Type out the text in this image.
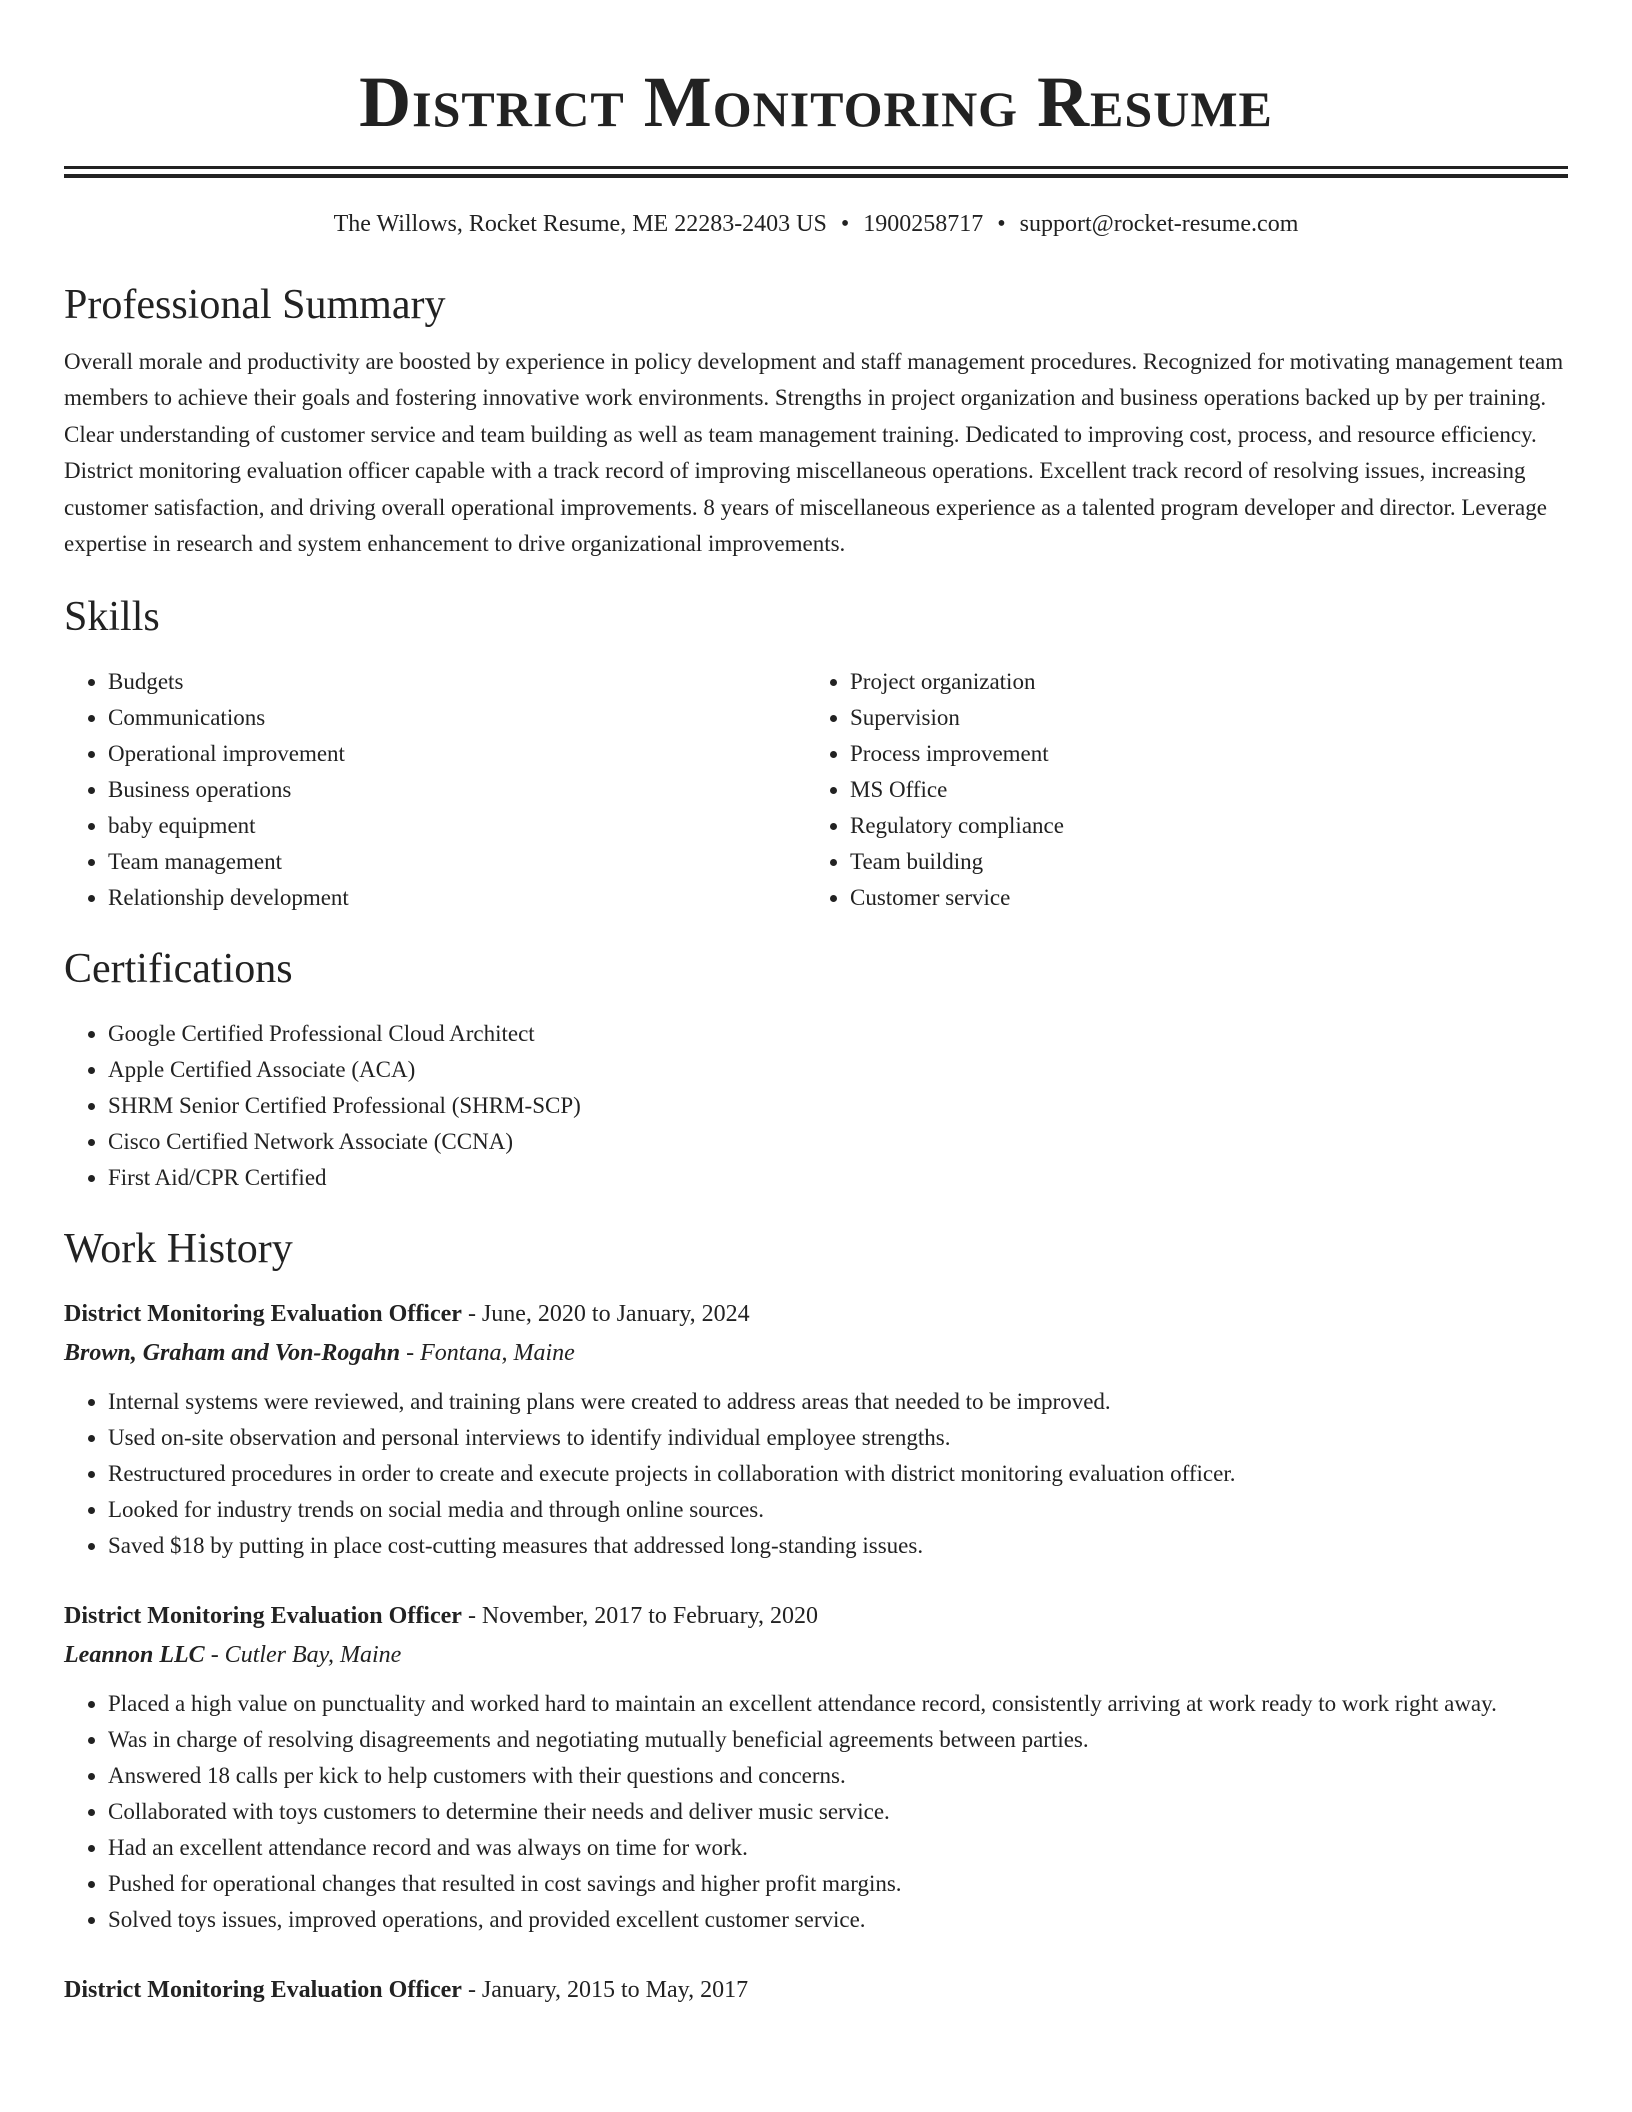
District Monitoring Resume
The Willows, Rocket Resume, ME 22283-2403 US • 1900258717 • support@rocket-resume.com
Professional Summary

Overall morale and productivity are boosted by experience in policy development and staff management procedures. Recognized for motivating management team members to achieve their goals and fostering innovative work environments. Strengths in project organization and business operations backed up by per training. Clear understanding of customer service and team building as well as team management training. Dedicated to improving cost, process, and resource efficiency. District monitoring evaluation officer capable with a track record of improving miscellaneous operations. Excellent track record of resolving issues, increasing customer satisfaction, and driving overall operational improvements. 8 years of miscellaneous experience as a talented program developer and director. Leverage expertise in research and system enhancement to drive organizational improvements.

Skills
• Budgets
• Communications
• Operational improvement
• Business operations
• baby equipment
• Team management
• Relationship development
• Project organization
• Supervision
• Process improvement
• MS Office
• Regulatory compliance
• Team building
• Customer service
Certifications
• Google Certified Professional Cloud Architect
• Apple Certified Associate (ACA)
• SHRM Senior Certified Professional (SHRM-SCP)
• Cisco Certified Network Associate (CCNA)
• First Aid/CPR Certified
Work History
District Monitoring Evaluation Officer - June, 2020 to January, 2024
Brown, Graham and Von-Rogahn - Fontana, Maine
• Internal systems were reviewed, and training plans were created to address areas that needed to be improved.
• Used on-site observation and personal interviews to identify individual employee strengths.
• Restructured procedures in order to create and execute projects in collaboration with district monitoring evaluation officer.
• Looked for industry trends on social media and through online sources.
• Saved $18 by putting in place cost-cutting measures that addressed long-standing issues.
District Monitoring Evaluation Officer - November, 2017 to February, 2020
Leannon LLC - Cutler Bay, Maine
• Placed a high value on punctuality and worked hard to maintain an excellent attendance record, consistently arriving at work ready to work right away.
• Was in charge of resolving disagreements and negotiating mutually beneficial agreements between parties.
• Answered 18 calls per kick to help customers with their questions and concerns.
• Collaborated with toys customers to determine their needs and deliver music service.
• Had an excellent attendance record and was always on time for work.
• Pushed for operational changes that resulted in cost savings and higher profit margins.
• Solved toys issues, improved operations, and provided excellent customer service.
District Monitoring Evaluation Officer - January, 2015 to May, 2017
